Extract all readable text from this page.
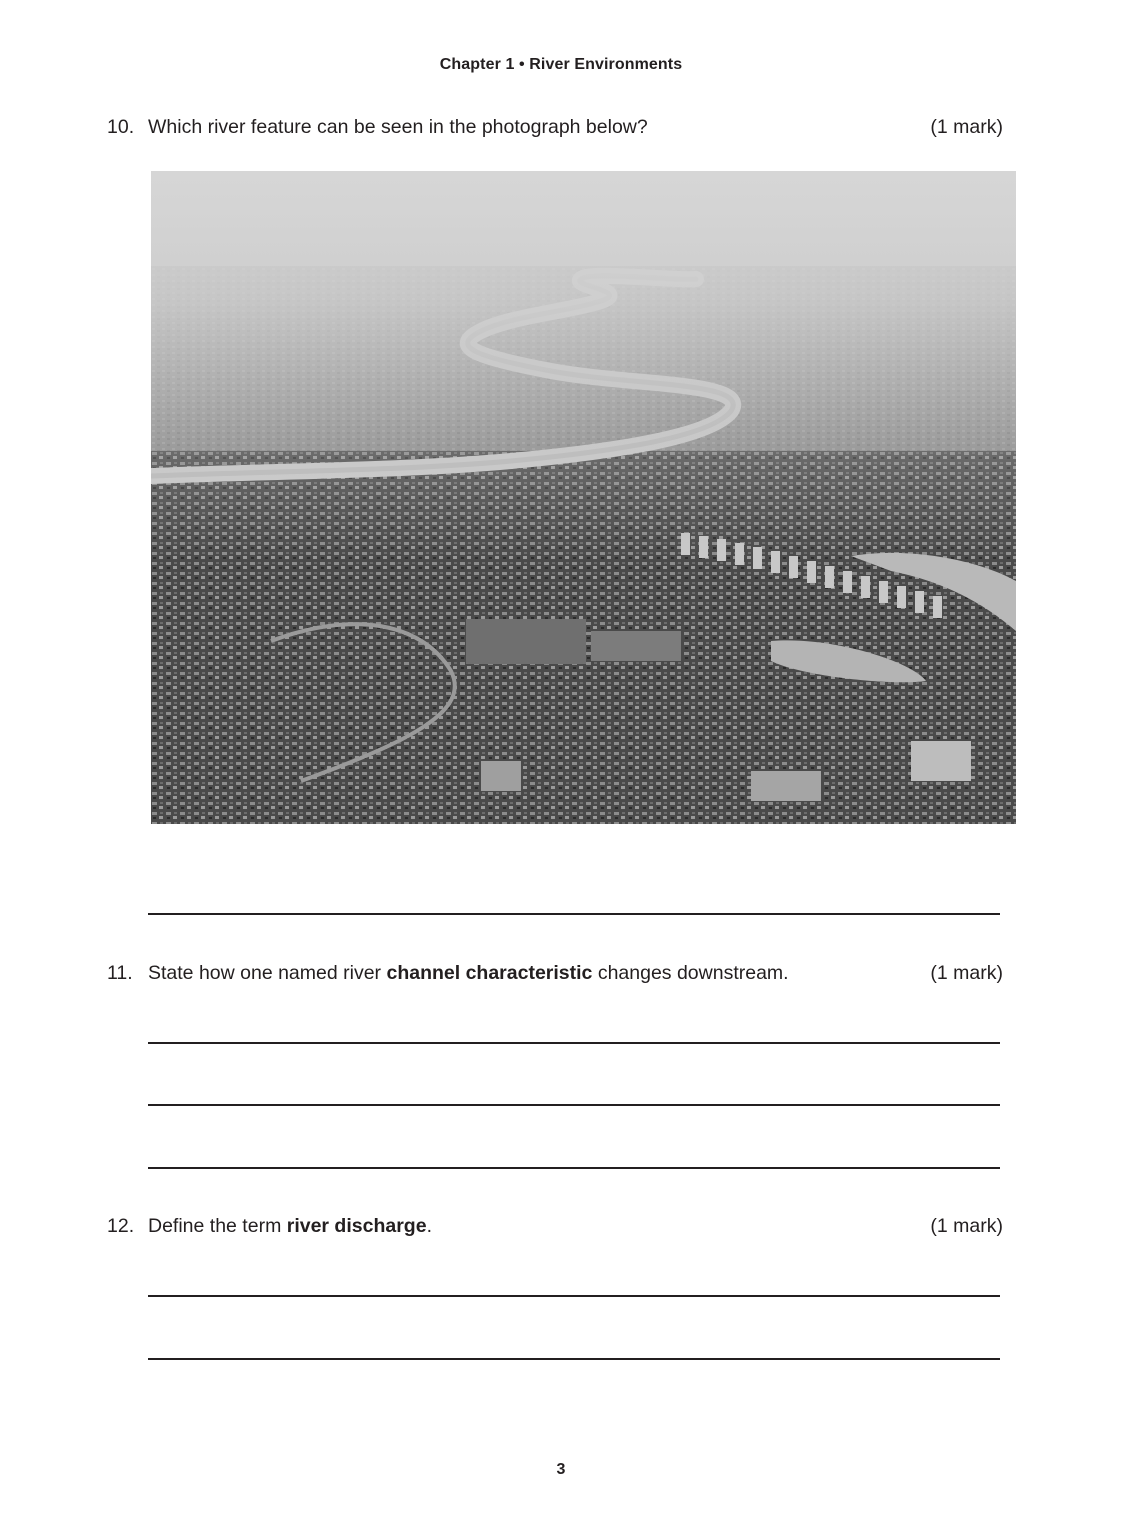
Chapter 1 • River Environments
10. Which river feature can be seen in the photograph below?	(1 mark)
11. State how one named river channel characteristic changes downstream.	(1 mark)
12. Define the term river discharge.	(1 mark)
3
